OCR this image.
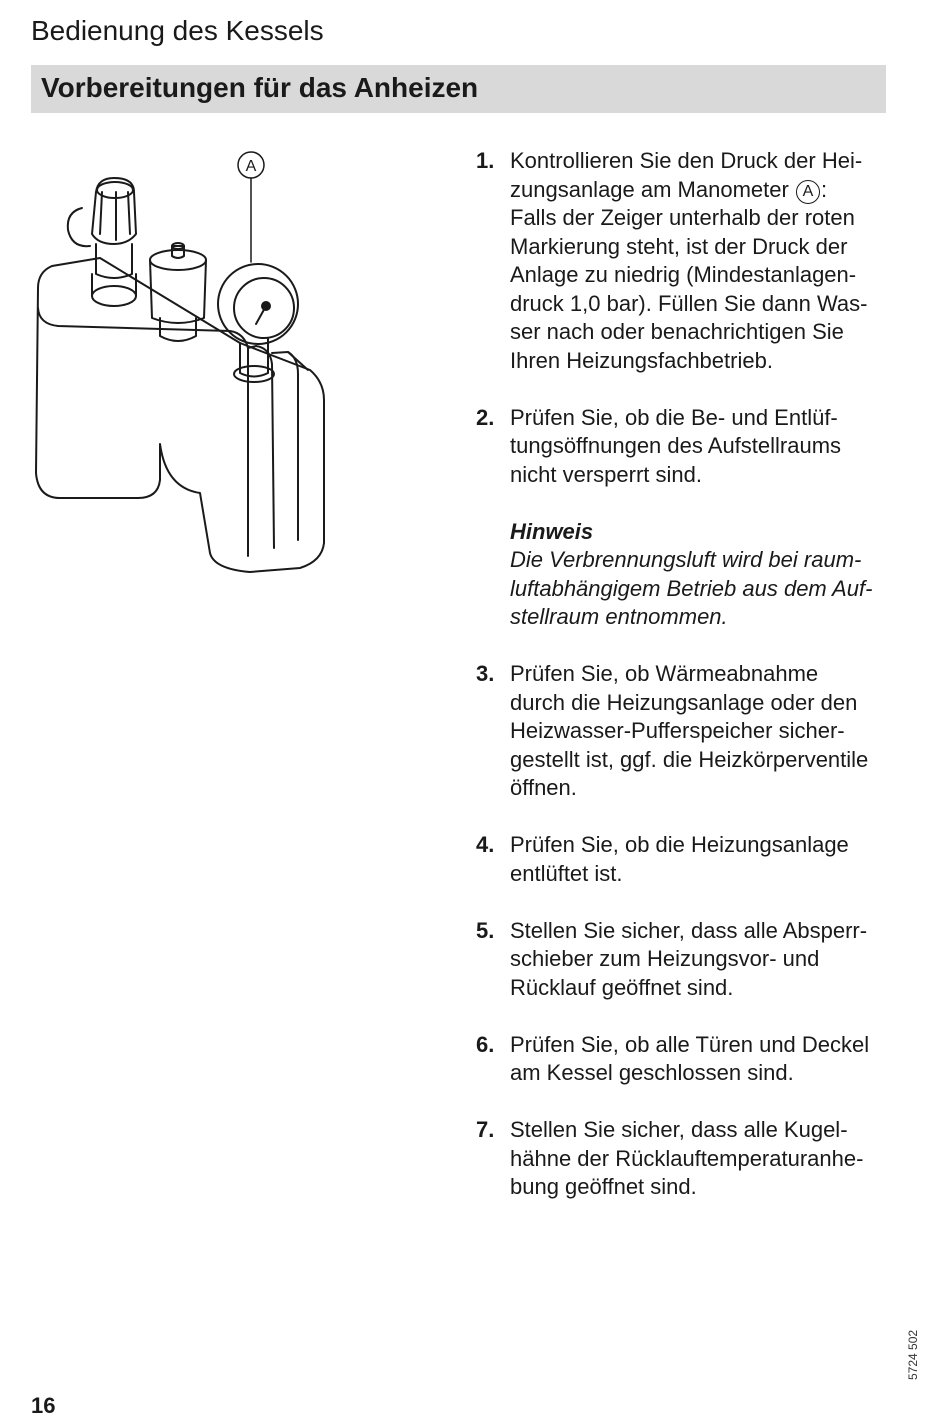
Bedienung des Kessels
Vorbereitungen für das Anheizen
A	1. Kontrollieren Sie den Druck der Hei-
zungsanlage am Manometer A :
Falls der Zeiger unterhalb der roten
Markierung steht, ist der Druck der
Anlage zu niedrig (Mindestanlagen-
druck 1,0 bar). Füllen Sie dann Was-
ser nach oder benachrichtigen Sie
Ihren Heizungsfachbetrieb.
2. Prüfen Sie, ob die Be- und Entlüf-
tungsöffnungen des Aufstellraums
nicht versperrt sind.
Hinweis
Die Verbrennungsluft wird bei raum-
luftabhängigem Betrieb aus dem Auf-
stellraum entnommen.
3. Prüfen Sie, ob Wärmeabnahme
durch die Heizungsanlage oder den
Heizwasser-Pufferspeicher sicher-
gestellt ist, ggf. die Heizkörperventile
öffnen.
4. Prüfen Sie, ob die Heizungsanlage
entlüftet ist.
5. Stellen Sie sicher, dass alle Absperr-
schieber zum Heizungsvor- und
Rücklauf geöffnet sind.
6. Prüfen Sie, ob alle Türen und Deckel
am Kessel geschlossen sind.
7. Stellen Sie sicher, dass alle Kugel-
hähne der Rücklauftemperaturanhe-
bung geöffnet sind.
16
5724 502
